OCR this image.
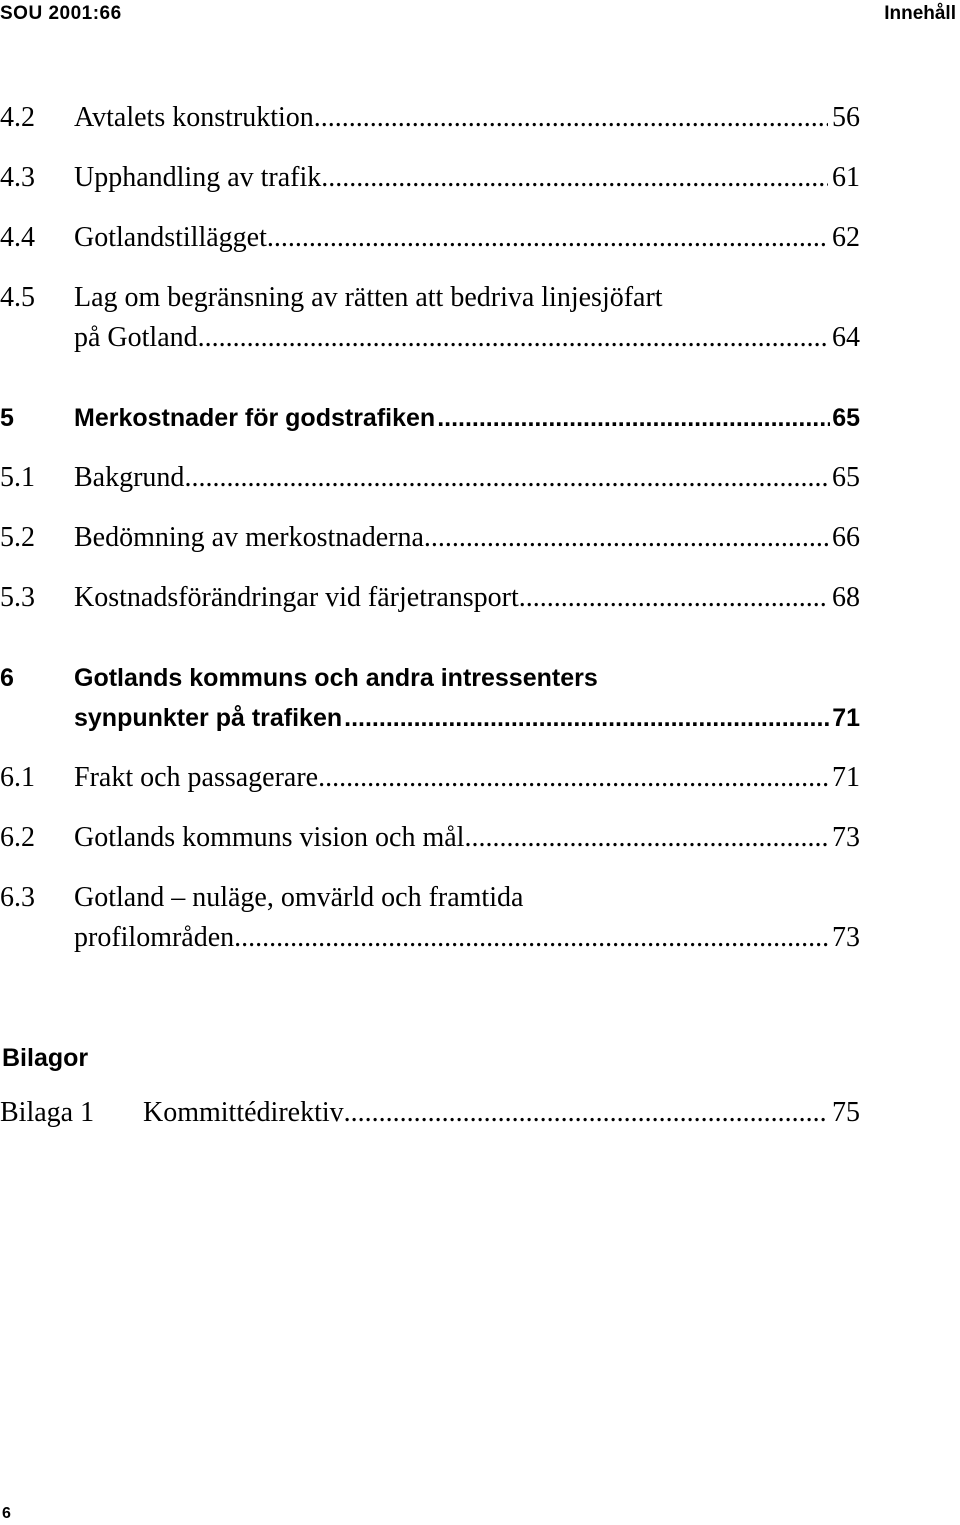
SOU 2001:66	Innehåll
4.2 Avtalets konstruktion .....	56
4.3 Upphandling av trafik .....	61
4.4 Gotlandstillägget .....	62
4.5 Lag om begränsning av rätten att bedriva linjesjöfart
på Gotland .....	64
5 Merkostnader för godstrafiken .....	65
5.1 Bakgrund .....	65
5.2 Bedömning av merkostnaderna .....	66
5.3 Kostnadsförändringar vid färjetransport .....	68
6 Gotlands kommuns och andra intressenters
synpunkter på trafiken .....	71
6.1 Frakt och passagerare .....	71
6.2 Gotlands kommuns vision och mål .....	73
6.3 Gotland – nuläge, omvärld och framtida
profilområden .....	73
Bilagor
Bilaga 1 Kommittédirektiv .....	75
6
